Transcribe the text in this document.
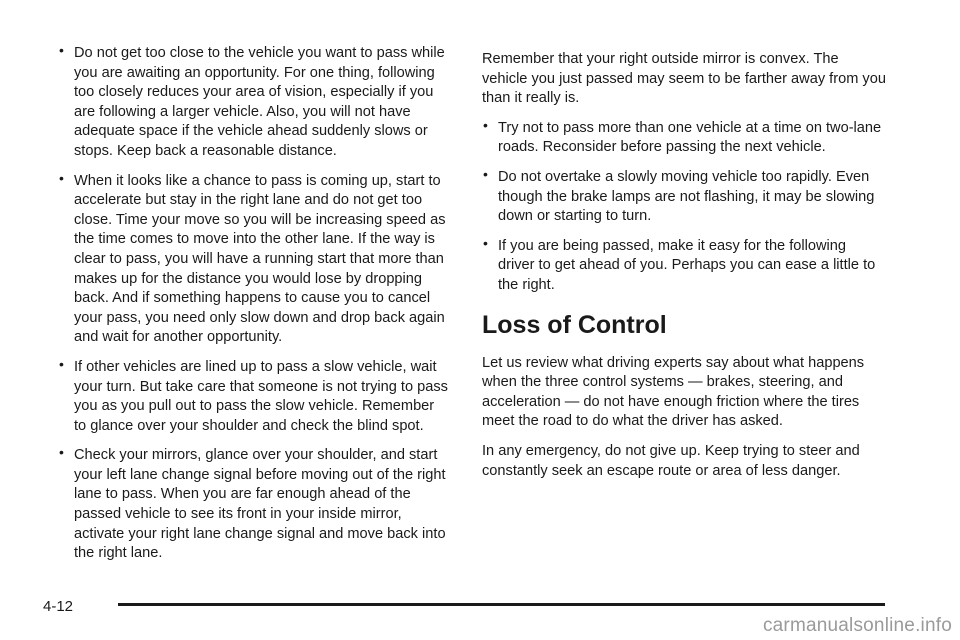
• Do not get too close to the vehicle you want to pass while you are awaiting an opportunity. For one thing, following too closely reduces your area of vision, especially if you are following a larger vehicle. Also, you will not have adequate space if the vehicle ahead suddenly slows or stops. Keep back a reasonable distance.

• When it looks like a chance to pass is coming up, start to accelerate but stay in the right lane and do not get too close. Time your move so you will be increasing speed as the time comes to move into the other lane. If the way is clear to pass, you will have a running start that more than makes up for the distance you would lose by dropping back. And if something happens to cause you to cancel your pass, you need only slow down and drop back again and wait for another opportunity.

• If other vehicles are lined up to pass a slow vehicle, wait your turn. But take care that someone is not trying to pass you as you pull out to pass the slow vehicle. Remember to glance over your shoulder and check the blind spot.

• Check your mirrors, glance over your shoulder, and start your left lane change signal before moving out of the right lane to pass. When you are far enough ahead of the passed vehicle to see its front in your inside mirror, activate your right lane change signal and move back into the right lane.

Remember that your right outside mirror is convex. The vehicle you just passed may seem to be farther away from you than it really is.

• Try not to pass more than one vehicle at a time on two-lane roads. Reconsider before passing the next vehicle.

• Do not overtake a slowly moving vehicle too rapidly. Even though the brake lamps are not flashing, it may be slowing down or starting to turn.

• If you are being passed, make it easy for the following driver to get ahead of you. Perhaps you can ease a little to the right.

Loss of Control

Let us review what driving experts say about what happens when the three control systems — brakes, steering, and acceleration — do not have enough friction where the tires meet the road to do what the driver has asked.

In any emergency, do not give up. Keep trying to steer and constantly seek an escape route or area of less danger.

4-12
carmanualsonline.info
